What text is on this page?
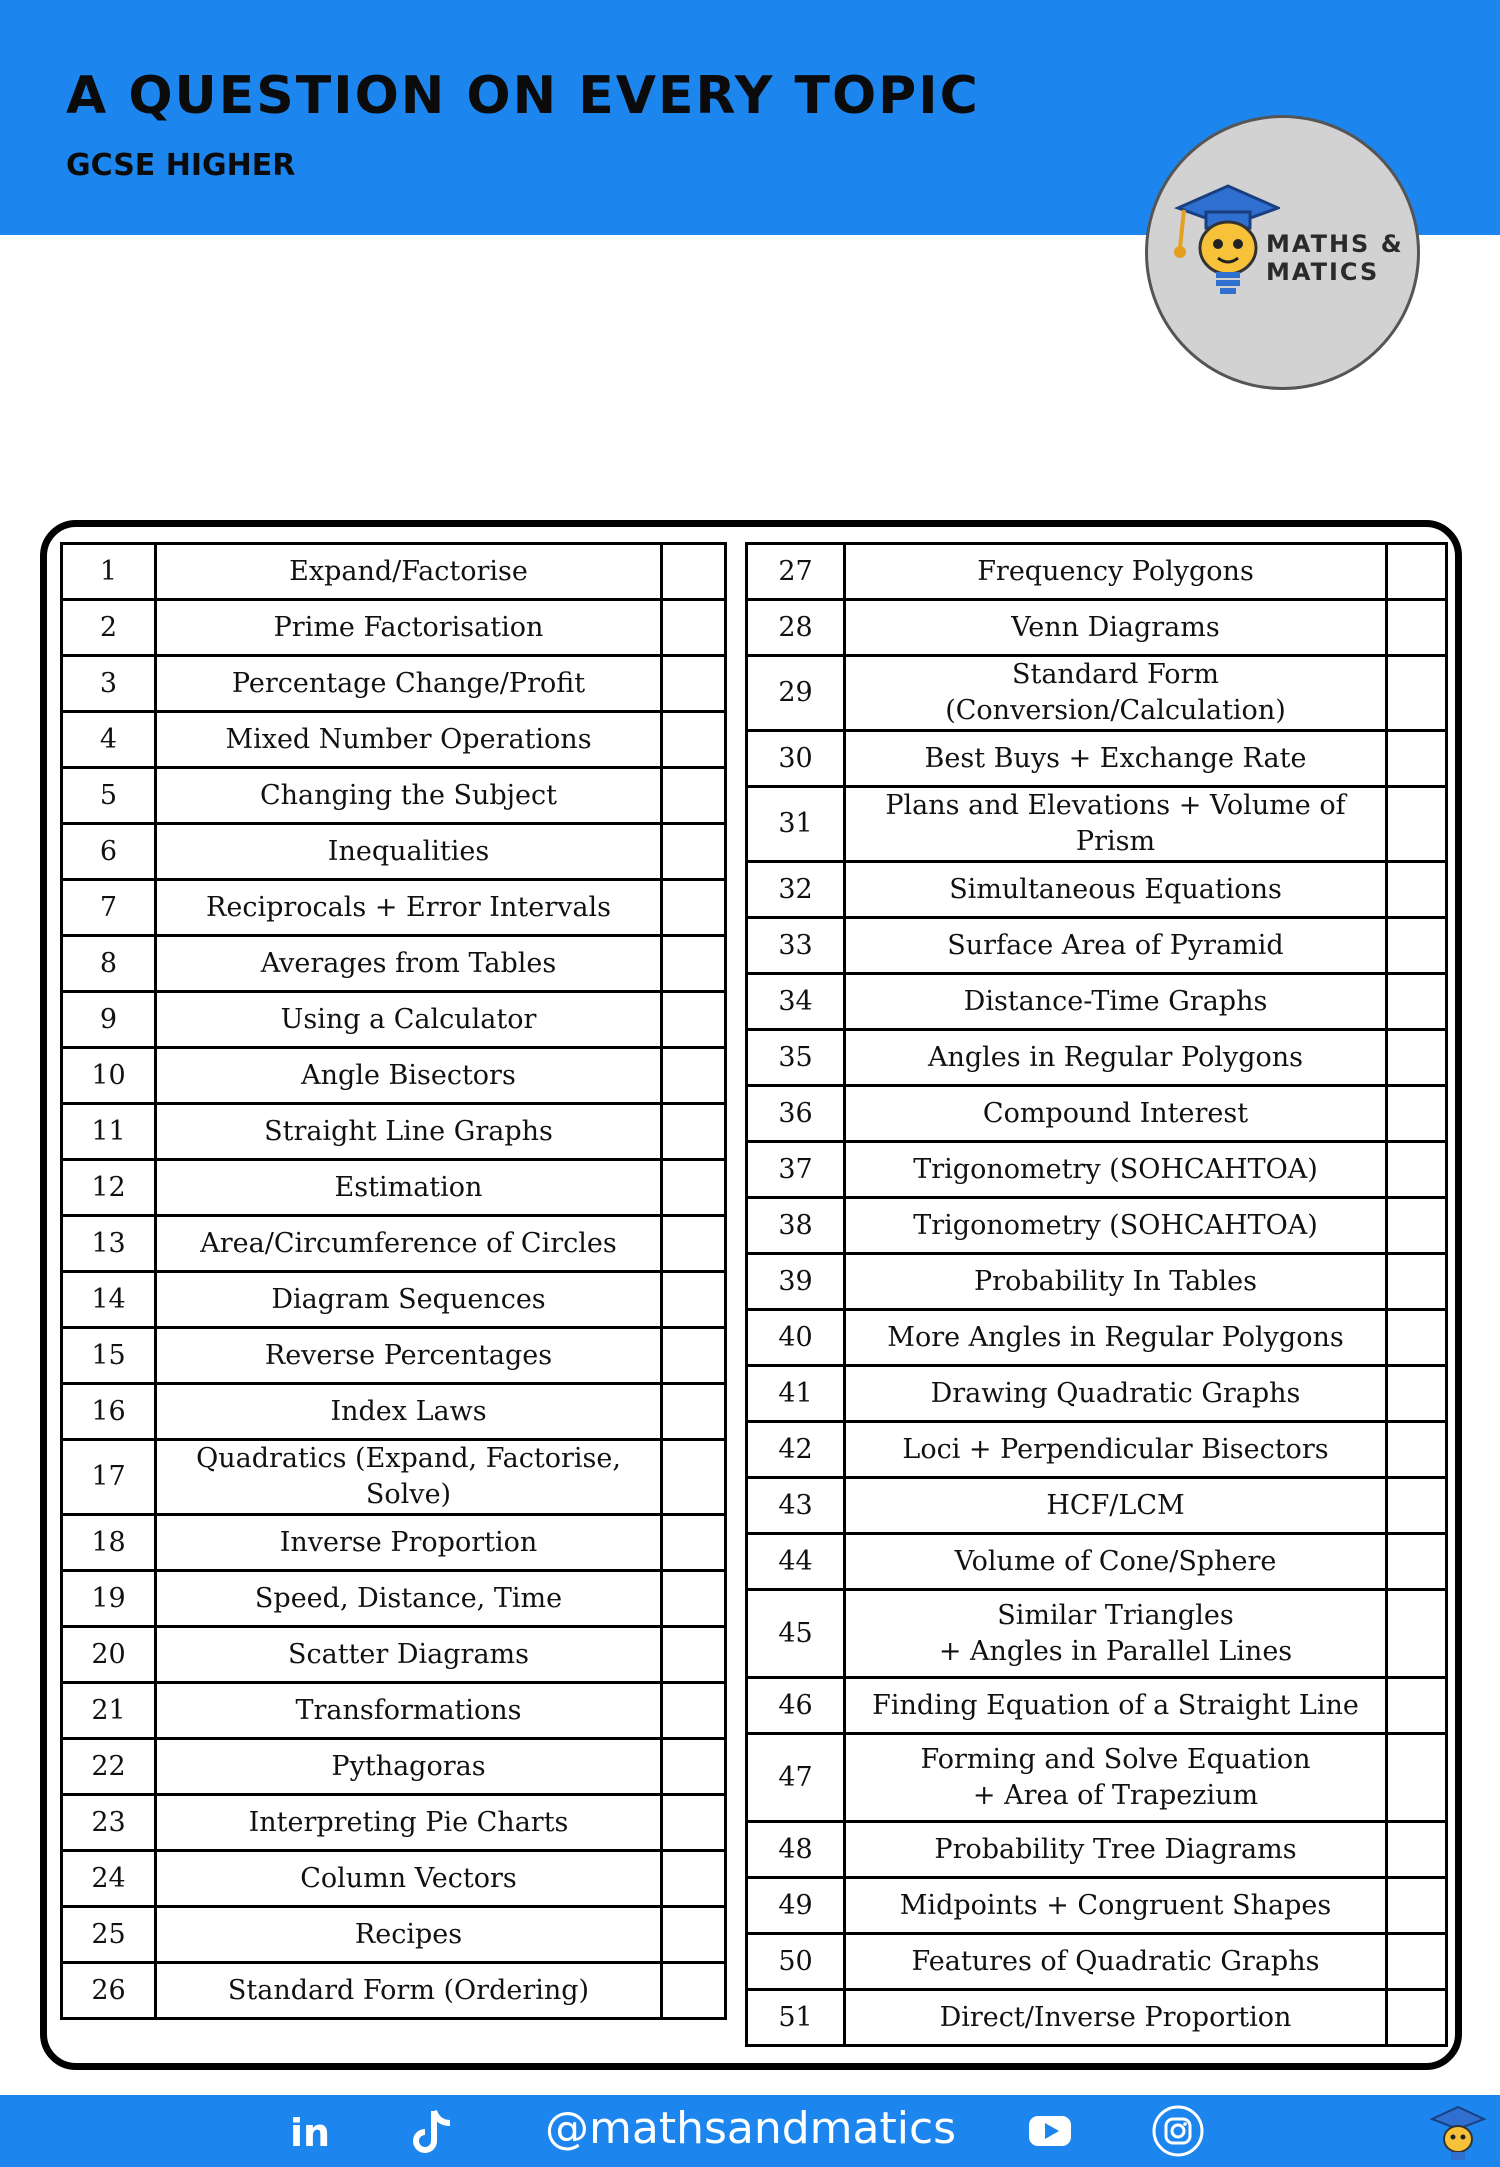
A QUESTION ON EVERY TOPIC
GCSE HIGHER
MATHS &
MATICS
1	Expand/Factorise	

2	Prime Factorisation	

3	Percentage Change/Profit	

4	Mixed Number Operations	

5	Changing the Subject	

6	Inequalities	

7	Reciprocals + Error Intervals	

8	Averages from Tables	

9	Using a Calculator	

10	Angle Bisectors	

11	Straight Line Graphs	

12	Estimation	

13	Area/Circumference of Circles	

14	Diagram Sequences	

15	Reverse Percentages	

16	Index Laws	

17	Quadratics (Expand, Factorise, Solve)	

18	Inverse Proportion	

19	Speed, Distance, Time	

20	Scatter Diagrams	

21	Transformations	

22	Pythagoras	

23	Interpreting Pie Charts	

24	Column Vectors	

25	Recipes	

26	Standard Form (Ordering)	

27	Frequency Polygons	

28	Venn Diagrams	

29	Standard Form (Conversion/Calculation)	

30	Best Buys + Exchange Rate	

31	Plans and Elevations + Volume of Prism	

32	Simultaneous Equations	

33	Surface Area of Pyramid	

34	Distance-Time Graphs	

35	Angles in Regular Polygons	

36	Compound Interest	

37	Trigonometry (SOHCAHTOA)	

38	Trigonometry (SOHCAHTOA)	

39	Probability In Tables	

40	More Angles in Regular Polygons	

41	Drawing Quadratic Graphs	

42	Loci + Perpendicular Bisectors	

43	HCF/LCM	

44	Volume of Cone/Sphere	

45	Similar Triangles
+ Angles in Parallel Lines	

46	Finding Equation of a Straight Line	

47	Forming and Solve Equation
+ Area of Trapezium	

48	Probability Tree Diagrams	

49	Midpoints + Congruent Shapes	

50	Features of Quadratic Graphs	

51	Direct/Inverse Proportion	

in	@mathsandmatics
